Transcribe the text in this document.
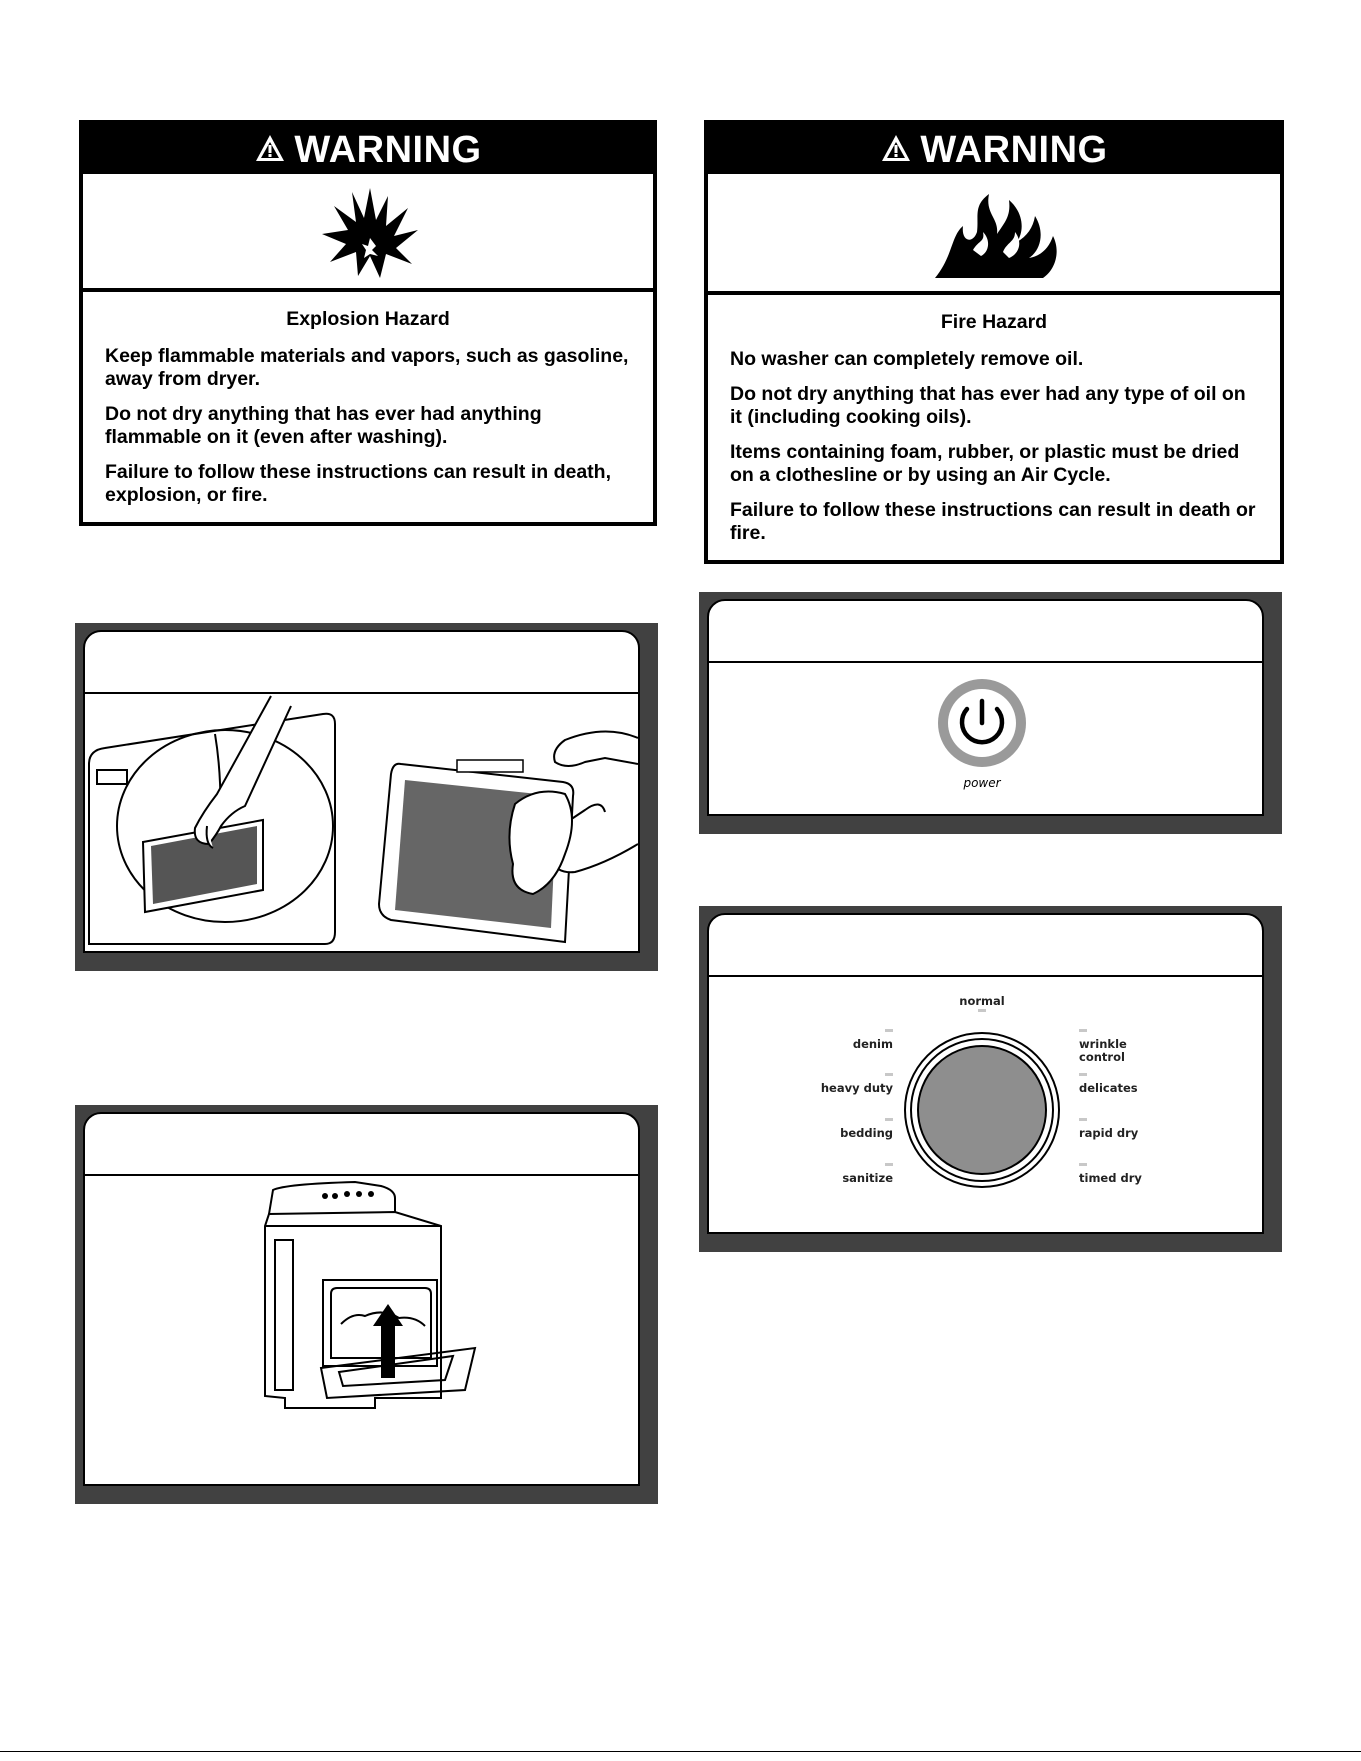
WARNING
Explosion Hazard

Keep flammable materials and vapors, such as gasoline, away from dryer.

Do not dry anything that has ever had anything flammable on it (even after washing).

Failure to follow these instructions can result in death, explosion, or fire.

WARNING
Fire Hazard

No washer can completely remove oil.

Do not dry anything that has ever had any type of oil on it (including cooking oils).

Items containing foam, rubber, or plastic must be dried on a clothesline or by using an Air Cycle.

Failure to follow these instructions can result in death or fire.

power
normal
denim
heavy duty
bedding
sanitize
wrinkle
control
delicates
rapid dry
timed dry
